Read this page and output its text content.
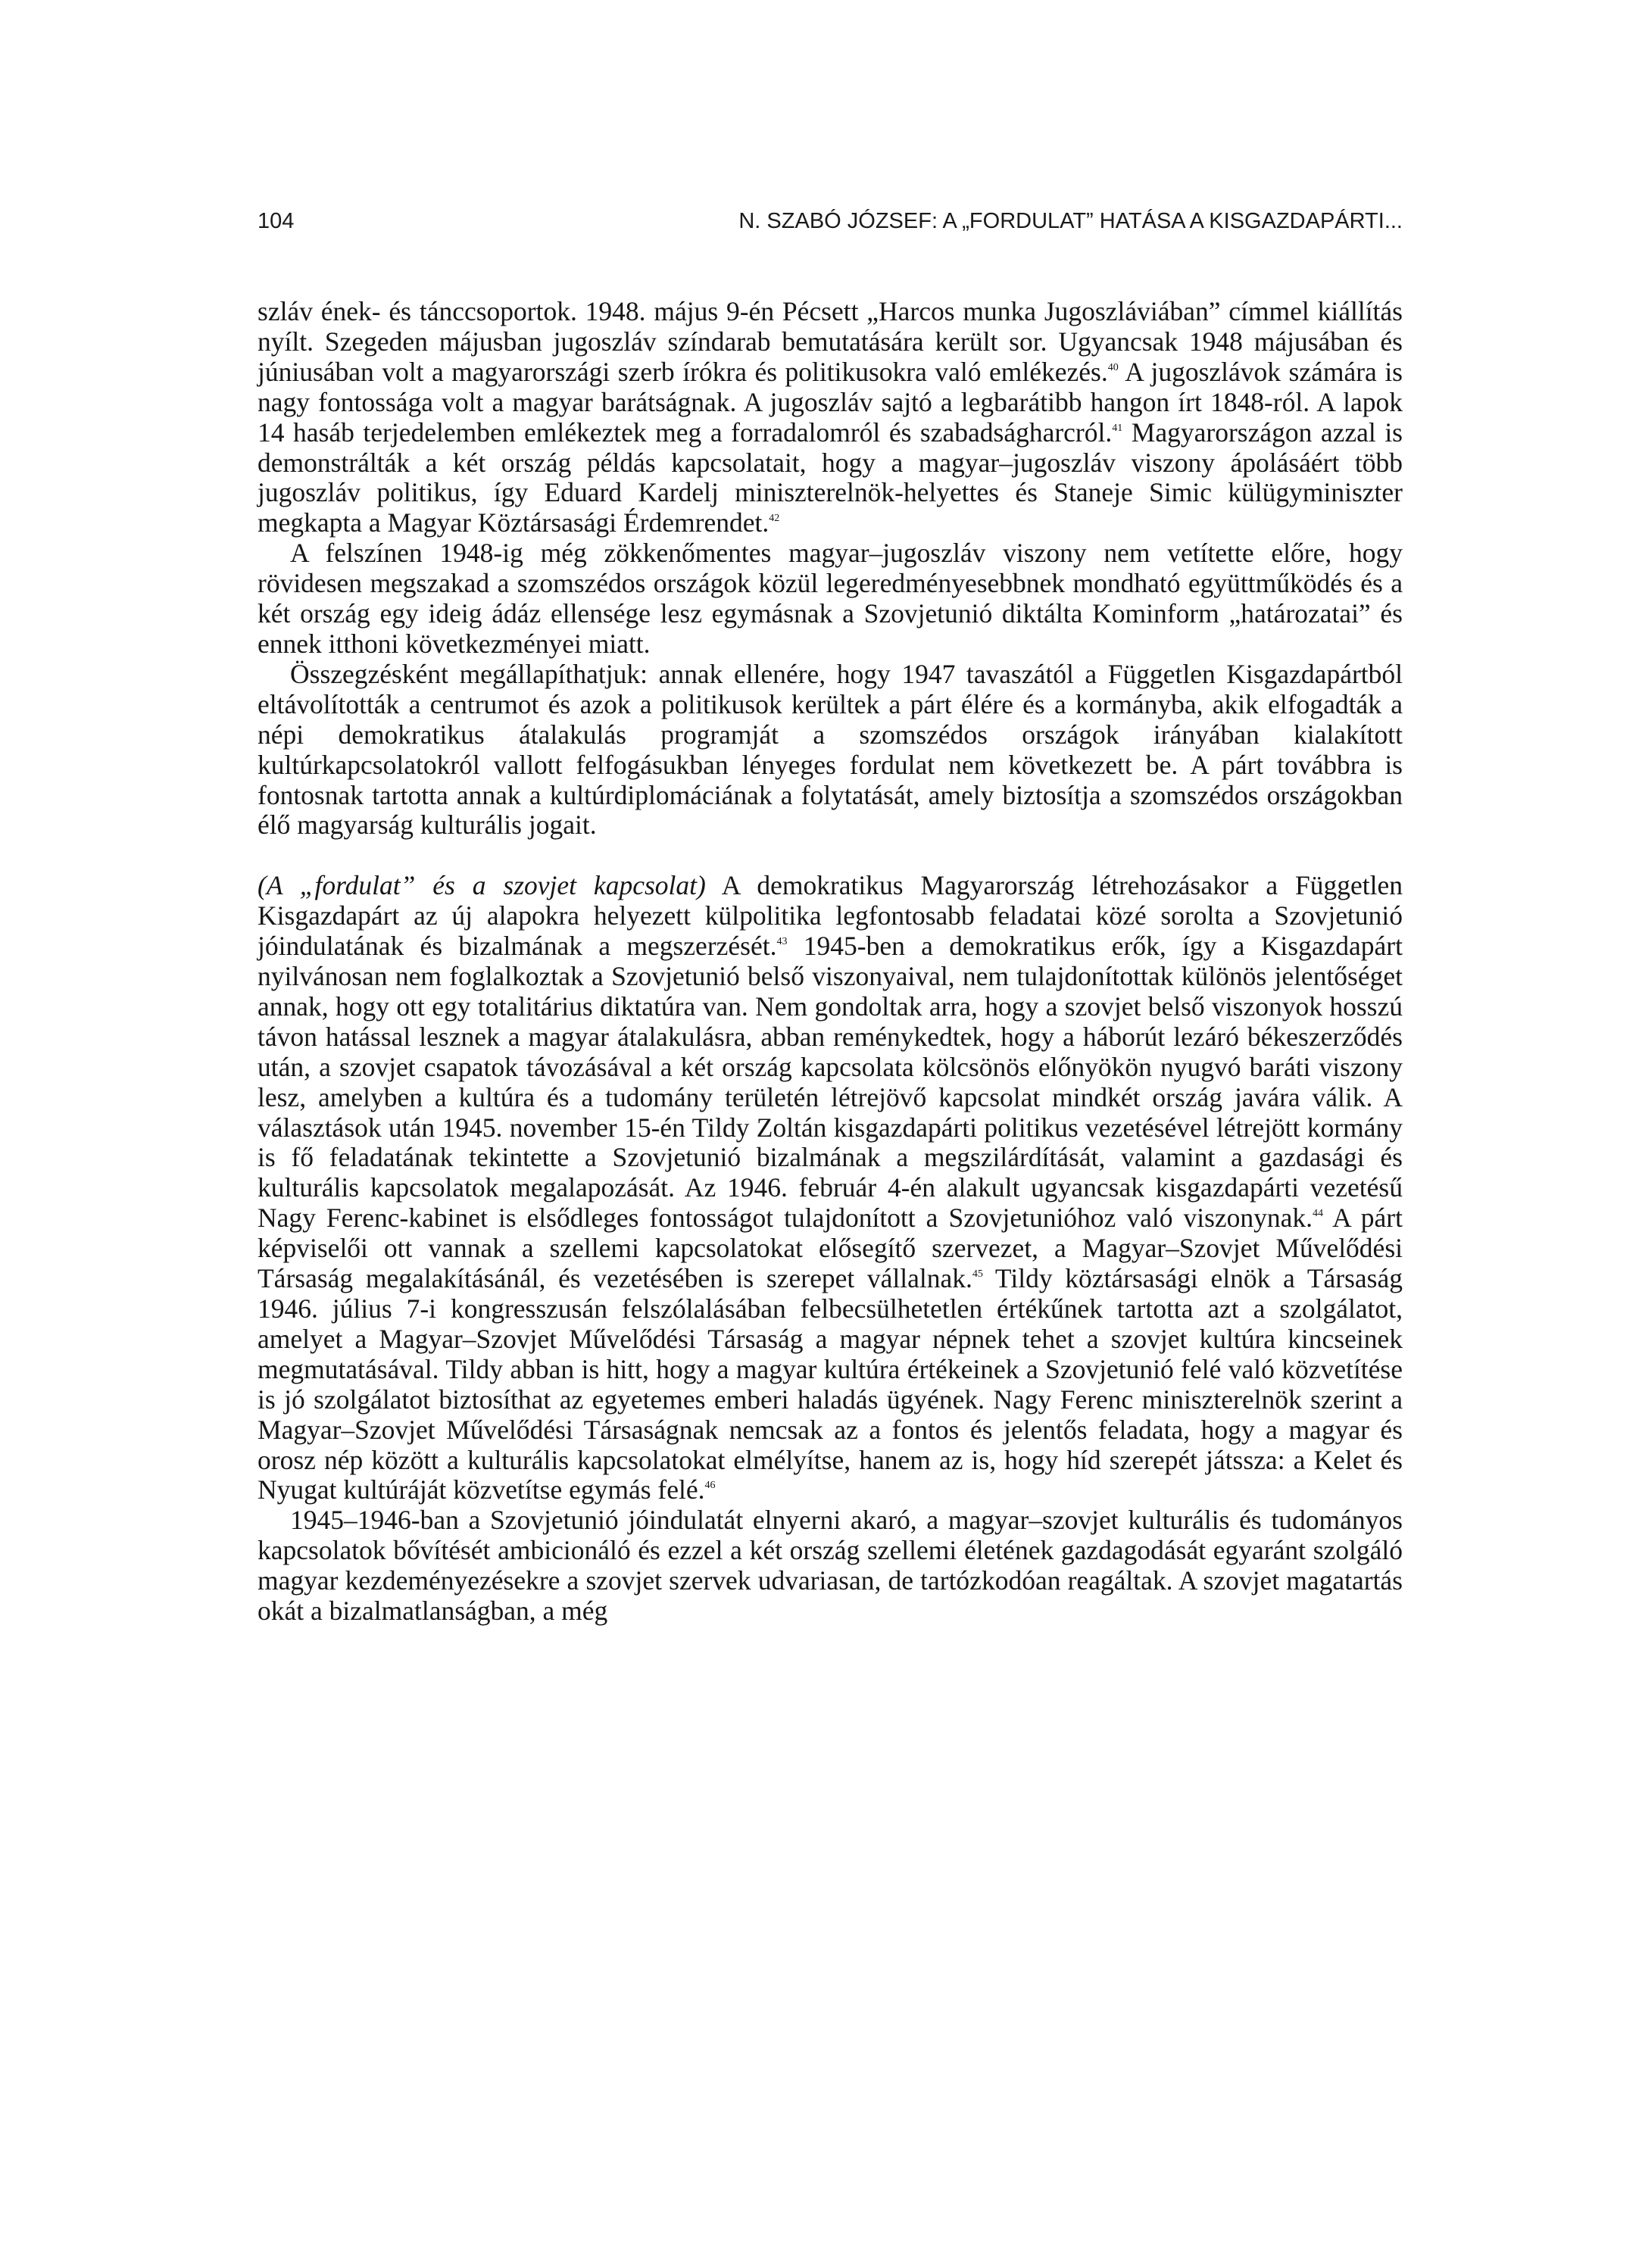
104	N. SZABÓ JÓZSEF: A „FORDULAT” HATÁSA A KISGAZDAPÁRTI...

szláv ének- és tánccsoportok. 1948. május 9-én Pécsett „Harcos munka Jugoszláviában” címmel kiállítás nyílt. Szegeden májusban jugoszláv színdarab bemutatására került sor. Ugyancsak 1948 májusában és júniusában volt a magyarországi szerb írókra és politikusokra való emlékezés.$^{40}$ A jugoszlávok számára is nagy fontossága volt a magyar barátságnak. A jugoszláv sajtó a legbarátibb hangon írt 1848-ról. A lapok 14 hasáb terjedelemben emlékeztek meg a forradalomról és szabadságharcról.$^{41}$ Magyarországon azzal is demonstrálták a két ország példás kapcsolatait, hogy a magyar–jugoszláv viszony ápolásáért több jugoszláv politikus, így Eduard Kardelj miniszterelnök-helyettes és Staneje Simic külügyminiszter megkapta a Magyar Köztársasági Érdemrendet.$^{42}$

A felszínen 1948-ig még zökkenőmentes magyar–jugoszláv viszony nem vetítette előre, hogy rövidesen megszakad a szomszédos országok közül legeredményesebbnek mondható együttműködés és a két ország egy ideig ádáz ellensége lesz egymásnak a Szovjetunió diktálta Kominform „határozatai” és ennek itthoni következményei miatt.

Összegzésként megállapíthatjuk: annak ellenére, hogy 1947 tavaszától a Független Kisgazdapártból eltávolították a centrumot és azok a politikusok kerültek a párt élére és a kormányba, akik elfogadták a népi demokratikus átalakulás programját a szomszédos országok irányában kialakított kultúrkapcsolatokról vallott felfogásukban lényeges fordulat nem következett be. A párt továbbra is fontosnak tartotta annak a kultúrdiplomáciának a folytatását, amely biztosítja a szomszédos országokban élő magyarság kulturális jogait.

(A „fordulat” és a szovjet kapcsolat) A demokratikus Magyarország létrehozásakor a Független Kisgazdapárt az új alapokra helyezett külpolitika legfontosabb feladatai közé sorolta a Szovjetunió jóindulatának és bizalmának a megszerzését.$^{43}$ 1945-ben a demokratikus erők, így a Kisgazdapárt nyilvánosan nem foglalkoztak a Szovjetunió belső viszonyaival, nem tulajdonítottak különös jelentőséget annak, hogy ott egy totalitárius diktatúra van. Nem gondoltak arra, hogy a szovjet belső viszonyok hosszú távon hatással lesznek a magyar átalakulásra, abban reménykedtek, hogy a háborút lezáró békeszerződés után, a szovjet csapatok távozásával a két ország kapcsolata kölcsönös előnyökön nyugvó baráti viszony lesz, amelyben a kultúra és a tudomány területén létrejövő kapcsolat mindkét ország javára válik. A választások után 1945. november 15-én Tildy Zoltán kisgazdapárti politikus vezetésével létrejött kormány is fő feladatának tekintette a Szovjetunió bizalmának a megszilárdítását, valamint a gazdasági és kulturális kapcsolatok megalapozását. Az 1946. február 4-én alakult ugyancsak kisgazdapárti vezetésű Nagy Ferenc-kabinet is elsődleges fontosságot tulajdonított a Szovjetunióhoz való viszonynak.$^{44}$ A párt képviselői ott vannak a szellemi kapcsolatokat elősegítő szervezet, a Magyar–Szovjet Művelődési Társaság megalakításánál, és vezetésében is szerepet vállalnak.$^{45}$ Tildy köztársasági elnök a Társaság 1946. július 7-i kongresszusán felszólalásában felbecsülhetetlen értékűnek tartotta azt a szolgálatot, amelyet a Magyar–Szovjet Művelődési Társaság a magyar népnek tehet a szovjet kultúra kincseinek megmutatásával. Tildy abban is hitt, hogy a magyar kultúra értékeinek a Szovjetunió felé való közvetítése is jó szolgálatot biztosíthat az egyetemes emberi haladás ügyének. Nagy Ferenc miniszterelnök szerint a Magyar–Szovjet Művelődési Társaságnak nemcsak az a fontos és jelentős feladata, hogy a magyar és orosz nép között a kulturális kapcsolatokat elmélyítse, hanem az is, hogy híd szerepét játssza: a Kelet és Nyugat kultúráját közvetítse egymás felé.$^{46}$

1945–1946-ban a Szovjetunió jóindulatát elnyerni akaró, a magyar–szovjet kulturális és tudományos kapcsolatok bővítését ambicionáló és ezzel a két ország szellemi életének gazdagodását egyaránt szolgáló magyar kezdeményezésekre a szovjet szervek udvariasan, de tartózkodóan reagáltak. A szovjet magatartás okát a bizalmatlanságban, a még
